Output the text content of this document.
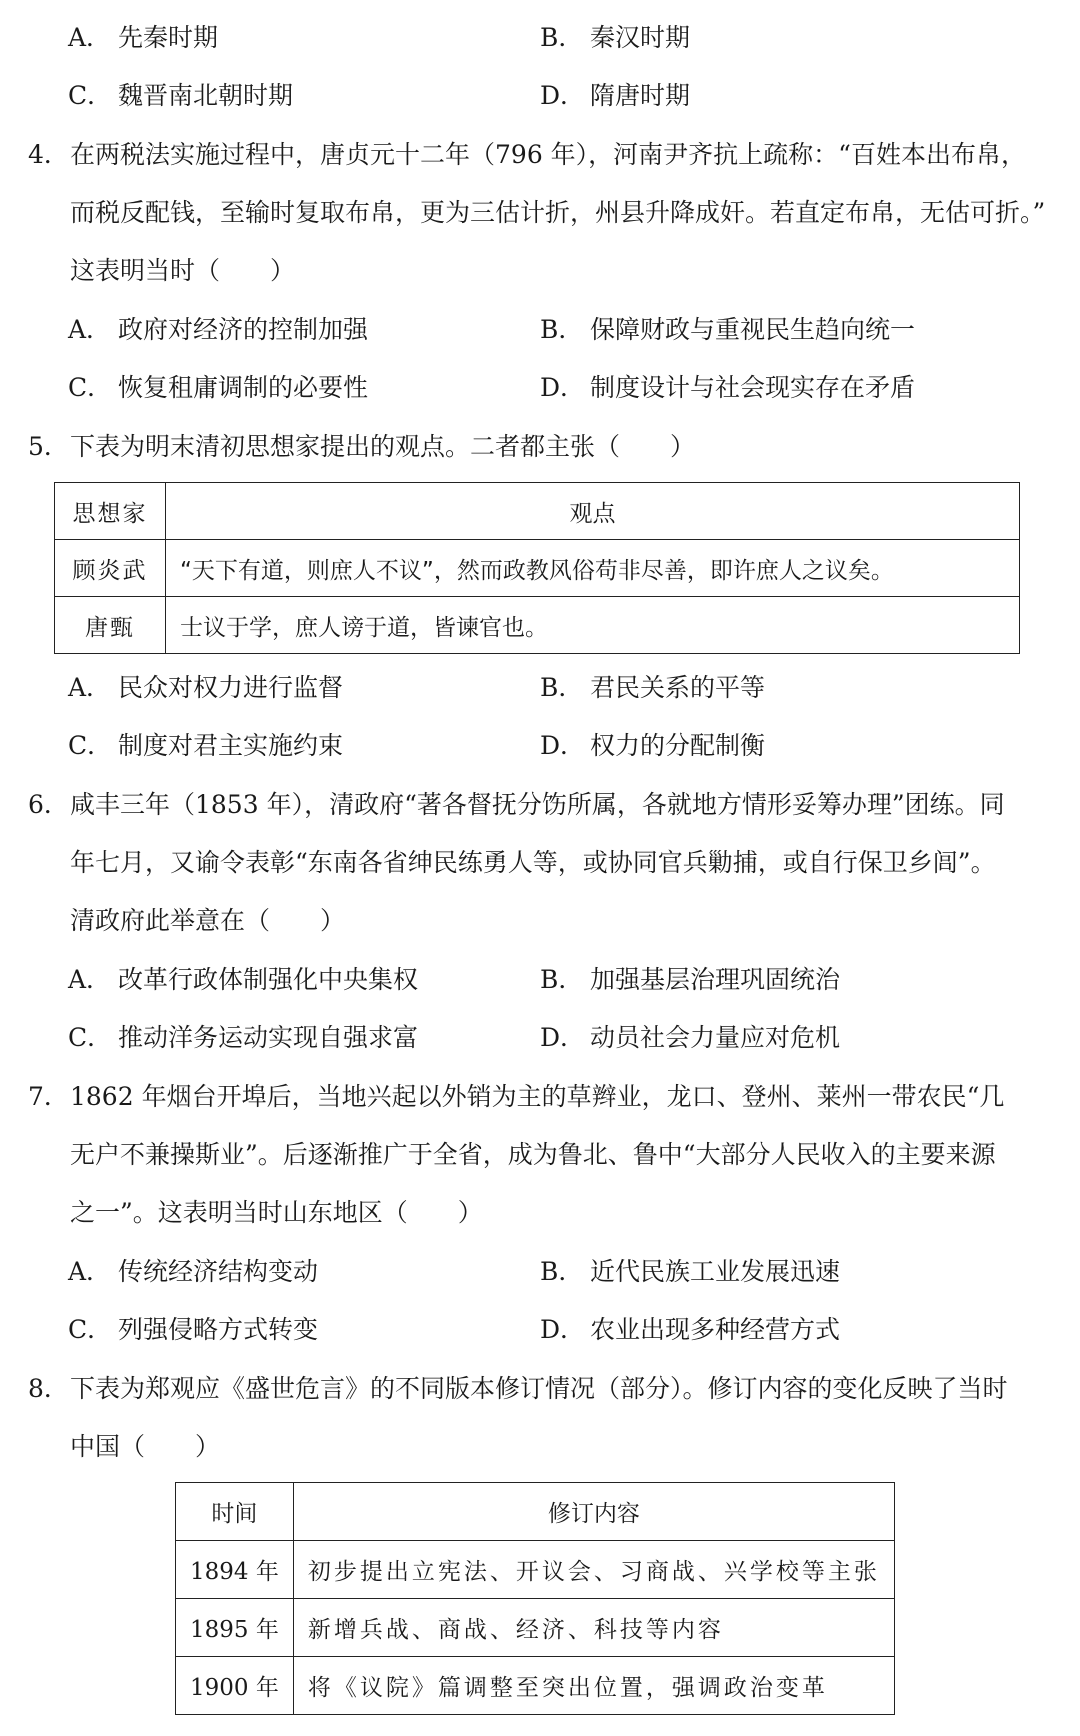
A． 先秦时期	B． 秦汉时期
C． 魏晋南北朝时期	D． 隋唐时期
4． 在两税法实施过程中，唐贞元十二年（796 年），河南尹齐抗上疏称：“百姓本出布帛，
而税反配钱，至输时复取布帛，更为三估计折，州县升降成奸。若直定布帛，无估可折。”
这表明当时（　　）
A． 政府对经济的控制加强	B． 保障财政与重视民生趋向统一
C． 恢复租庸调制的必要性	D． 制度设计与社会现实存在矛盾
5． 下表为明末清初思想家提出的观点。二者都主张（　　）
思想家	观点
顾炎武	“天下有道，则庶人不议”，然而政教风俗苟非尽善，即许庶人之议矣。
唐甄	士议于学，庶人谤于道，皆谏官也。
A． 民众对权力进行监督	B． 君民关系的平等
C． 制度对君主实施约束	D． 权力的分配制衡
6． 咸丰三年（1853 年），清政府“著各督抚分饬所属，各就地方情形妥筹办理”团练。同
年七月，又谕令表彰“东南各省绅民练勇人等，或协同官兵勦捕，或自行保卫乡闾”。
清政府此举意在（　　）
A． 改革行政体制强化中央集权	B． 加强基层治理巩固统治
C． 推动洋务运动实现自强求富	D． 动员社会力量应对危机
7． 1862 年烟台开埠后，当地兴起以外销为主的草辫业，龙口、登州、莱州一带农民“几
无户不兼操斯业”。后逐渐推广于全省，成为鲁北、鲁中“大部分人民收入的主要来源
之一”。这表明当时山东地区（　　）
A． 传统经济结构变动	B． 近代民族工业发展迅速
C． 列强侵略方式转变	D． 农业出现多种经营方式
8． 下表为郑观应《盛世危言》的不同版本修订情况（部分）。修订内容的变化反映了当时
中国（　　）
时间	修订内容
1894 年	初步提出立宪法、开议会、习商战、兴学校等主张
1895 年	新增兵战、商战、经济、科技等内容
1900 年	将《议院》篇调整至突出位置，强调政治变革
